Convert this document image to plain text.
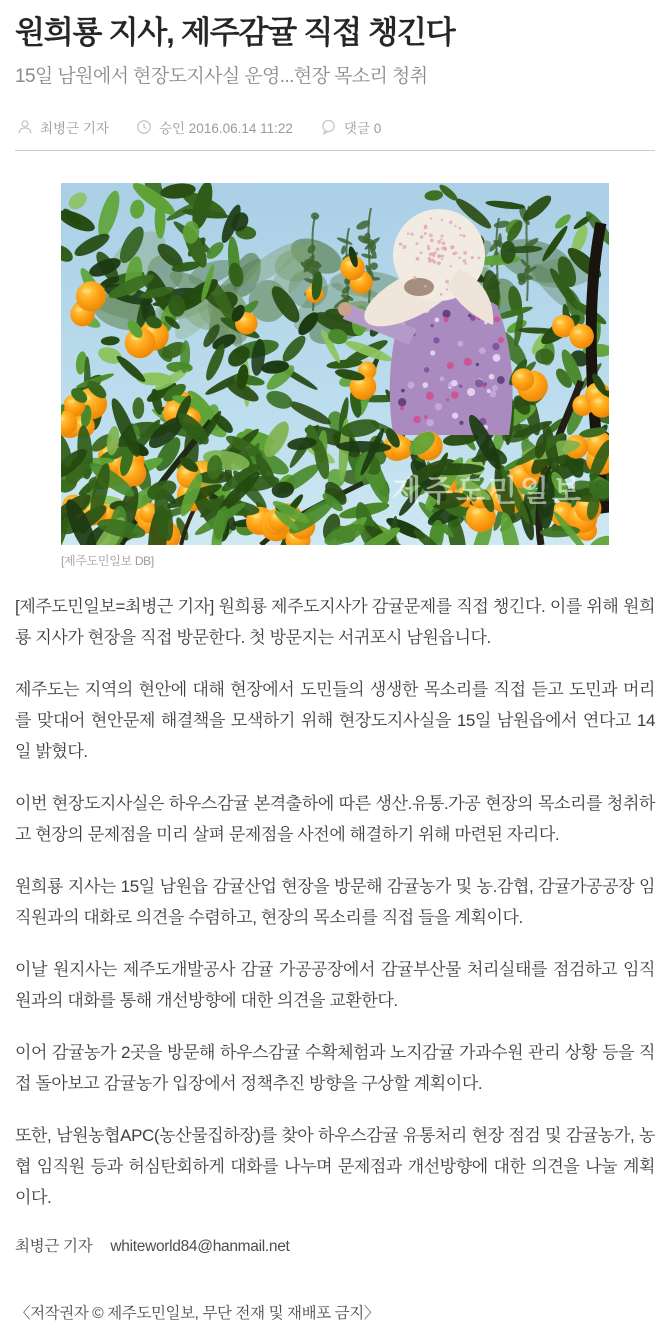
원희룡 지사, 제주감귤 직접 챙긴다
15일 남원에서 현장도지사실 운영...현장 목소리 청취
최병근 기자	승인 2016.06.14 11:22	댓글 0
제주도민일보
[제주도민일보 DB]

[제주도민일보=최병근 기자] 원희룡 제주도지사가 감귤문제를 직접 챙긴다. 이를 위해 원희룡 지사가 현장을 직접 방문한다. 첫 방문지는 서귀포시 남원읍니다.

제주도는 지역의 현안에 대해 현장에서 도민들의 생생한 목소리를 직접 듣고 도민과 머리를 맞대어 현안문제 해결책을 모색하기 위해 현장도지사실을 15일 남원읍에서 연다고 14일 밝혔다.

이번 현장도지사실은 하우스감귤 본격출하에 따른 생산.유통.가공 현장의 목소리를 청취하고 현장의 문제점을 미리 살펴 문제점을 사전에 해결하기 위해 마련된 자리다.

원희룡 지사는 15일 남원읍 감귤산업 현장을 방문해 감귤농가 및 농.감협, 감귤가공공장 임직원과의 대화로 의견을 수렴하고, 현장의 목소리를 직접 들을 계획이다.

이날 원지사는 제주도개발공사 감귤 가공공장에서 감귤부산물 처리실태를 점검하고 임직원과의 대화를 통해 개선방향에 대한 의견을 교환한다.

이어 감귤농가 2곳을 방문해 하우스감귤 수확체험과 노지감귤 가과수원 관리 상황 등을 직접 돌아보고 감귤농가 입장에서 정책추진 방향을 구상할 계획이다.

또한, 남원농협APC(농산물집하장)를 찾아 하우스감귤 유통처리 현장 점검 및 감귤농가, 농협 임직원 등과 허심탄회하게 대화를 나누며 문제점과 개선방향에 대한 의견을 나눌 계획이다.

최병근 기자 whiteworld84@hanmail.net
〈저작권자 © 제주도민일보, 무단 전재 및 재배포 금지〉
